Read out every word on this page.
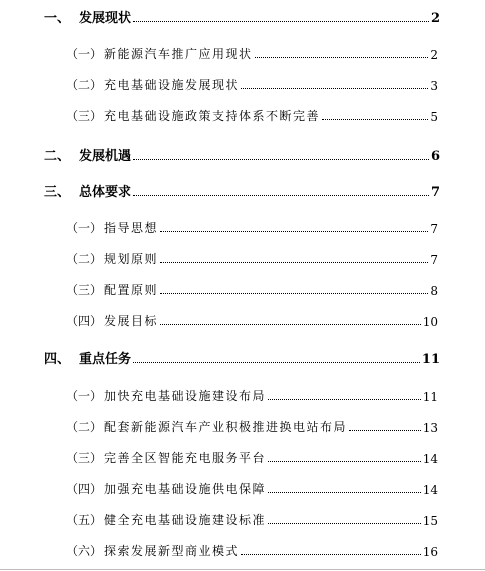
一、 发展现状	2
（一） 新能源汽车推广应用现状	2
（二） 充电基础设施发展现状	3
（三） 充电基础设施政策支持体系不断完善	5
二、 发展机遇	6
三、 总体要求	7
（一） 指导思想	7
（二） 规划原则	7
（三） 配置原则	8
（四） 发展目标	10
四、 重点任务	11
（一） 加快充电基础设施建设布局	11
（二） 配套新能源汽车产业积极推进换电站布局	13
（三） 完善全区智能充电服务平台	14
（四） 加强充电基础设施供电保障	14
（五） 健全充电基础设施建设标准	15
（六） 探索发展新型商业模式	16
